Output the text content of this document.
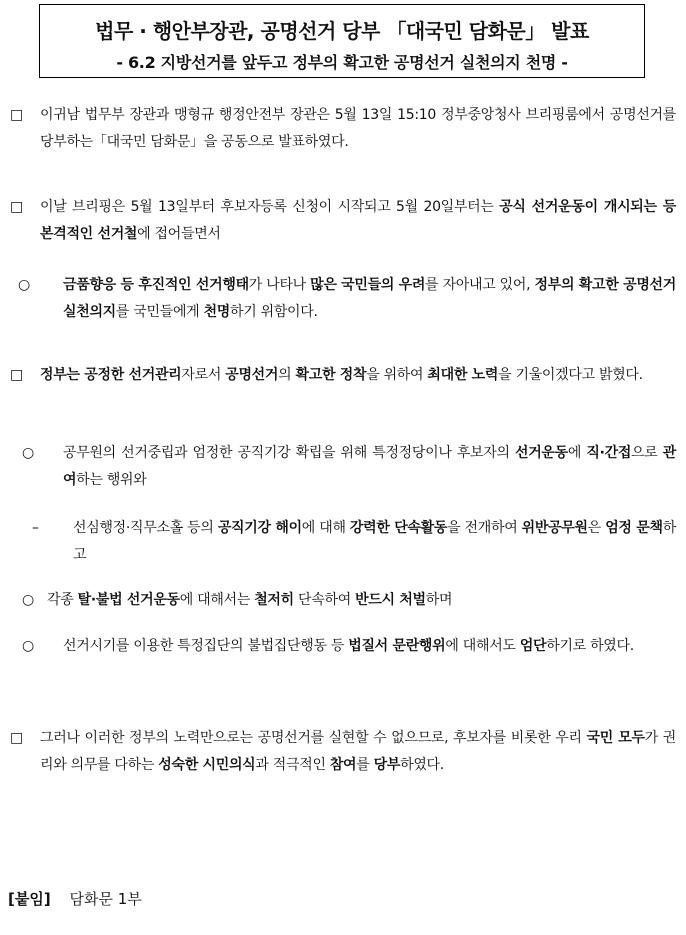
법무 · 행안부장관, 공명선거 당부 「대국민 담화문」 발표
- 6.2 지방선거를 앞두고 정부의 확고한 공명선거 실천의지 천명 -
□ 이귀남 법무부 장관과 맹형규 행정안전부 장관은 5월 13일 15:10 정부중앙청사 브리핑룸에서 공명선거를 당부하는「대국민 담화문」을 공동으로 발표하였다.
□ 이날 브리핑은 5월 13일부터 후보자등록 신청이 시작되고 5월 20일부터는 공식 선거운동이 개시되는 등 본격적인 선거철에 접어들면서
○ 금품향응 등 후진적인 선거행태가 나타나 많은 국민들의 우려를 자아내고 있어, 정부의 확고한 공명선거 실천의지를 국민들에게 천명하기 위함이다.
□ 정부는 공정한 선거관리자로서 공명선거의 확고한 정착을 위하여 최대한 노력을 기울이겠다고 밝혔다.
○ 공무원의 선거중립과 엄정한 공직기강 확립을 위해 특정정당이나 후보자의 선거운동에 직·간접으로 관여하는 행위와
– 선심행정·직무소홀 등의 공직기강 해이에 대해 강력한 단속활동을 전개하여 위반공무원은 엄정 문책하고
○ 각종 탈·불법 선거운동에 대해서는 철저히 단속하여 반드시 처벌하며
○ 선거시기를 이용한 특정집단의 불법집단행동 등 법질서 문란행위에 대해서도 엄단하기로 하였다.
□ 그러나 이러한 정부의 노력만으로는 공명선거를 실현할 수 없으므로, 후보자를 비롯한 우리 국민 모두가 권리와 의무를 다하는 성숙한 시민의식과 적극적인 참여를 당부하였다.
[붙임] 담화문 1부
